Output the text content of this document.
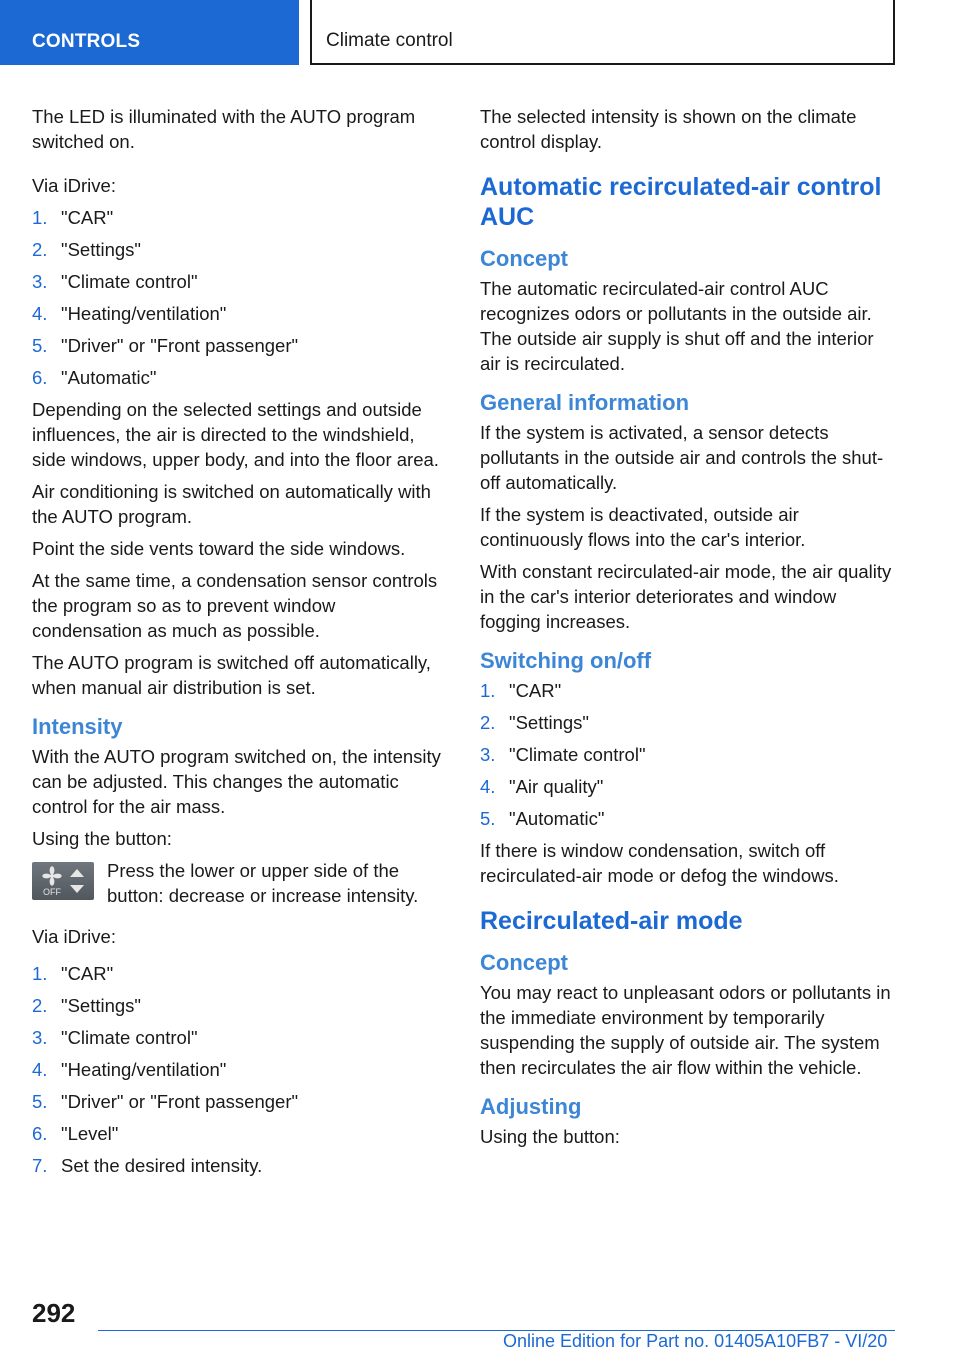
CONTROLS	Climate control

The LED is illuminated with the AUTO program switched on.

Via iDrive:

1. "CAR"
2. "Settings"
3. "Climate control"
4. "Heating/ventilation"
5. "Driver" or "Front passenger"
6. "Automatic"

Depending on the selected settings and outside influences, the air is directed to the windshield, side windows, upper body, and into the floor area.

Air conditioning is switched on automatically with the AUTO program.

Point the side vents toward the side windows.

At the same time, a condensation sensor controls the program so as to prevent window condensation as much as possible.

The AUTO program is switched off automatically, when manual air distribution is set.

Intensity

With the AUTO program switched on, the intensity can be adjusted. This changes the automatic control for the air mass.

Using the button:

OFF
Press the lower or upper side of the button: decrease or increase intensity.

Via iDrive:

1. "CAR"
2. "Settings"
3. "Climate control"
4. "Heating/ventilation"
5. "Driver" or "Front passenger"
6. "Level"
7. Set the desired intensity.

The selected intensity is shown on the climate control display.

Automatic recirculated-air control AUC
Concept

The automatic recirculated-air control AUC recognizes odors or pollutants in the outside air. The outside air supply is shut off and the interior air is recirculated.

General information

If the system is activated, a sensor detects pollutants in the outside air and controls the shut-off automatically.

If the system is deactivated, outside air continuously flows into the car's interior.

With constant recirculated-air mode, the air quality in the car's interior deteriorates and window fogging increases.

Switching on/off
1. "CAR"
2. "Settings"
3. "Climate control"
4. "Air quality"
5. "Automatic"

If there is window condensation, switch off recirculated-air mode or defog the windows.

Recirculated-air mode
Concept

You may react to unpleasant odors or pollutants in the immediate environment by temporarily suspending the supply of outside air. The system then recirculates the air flow within the vehicle.

Adjusting

Using the button:

292
Online Edition for Part no. 01405A10FB7 - VI/20
